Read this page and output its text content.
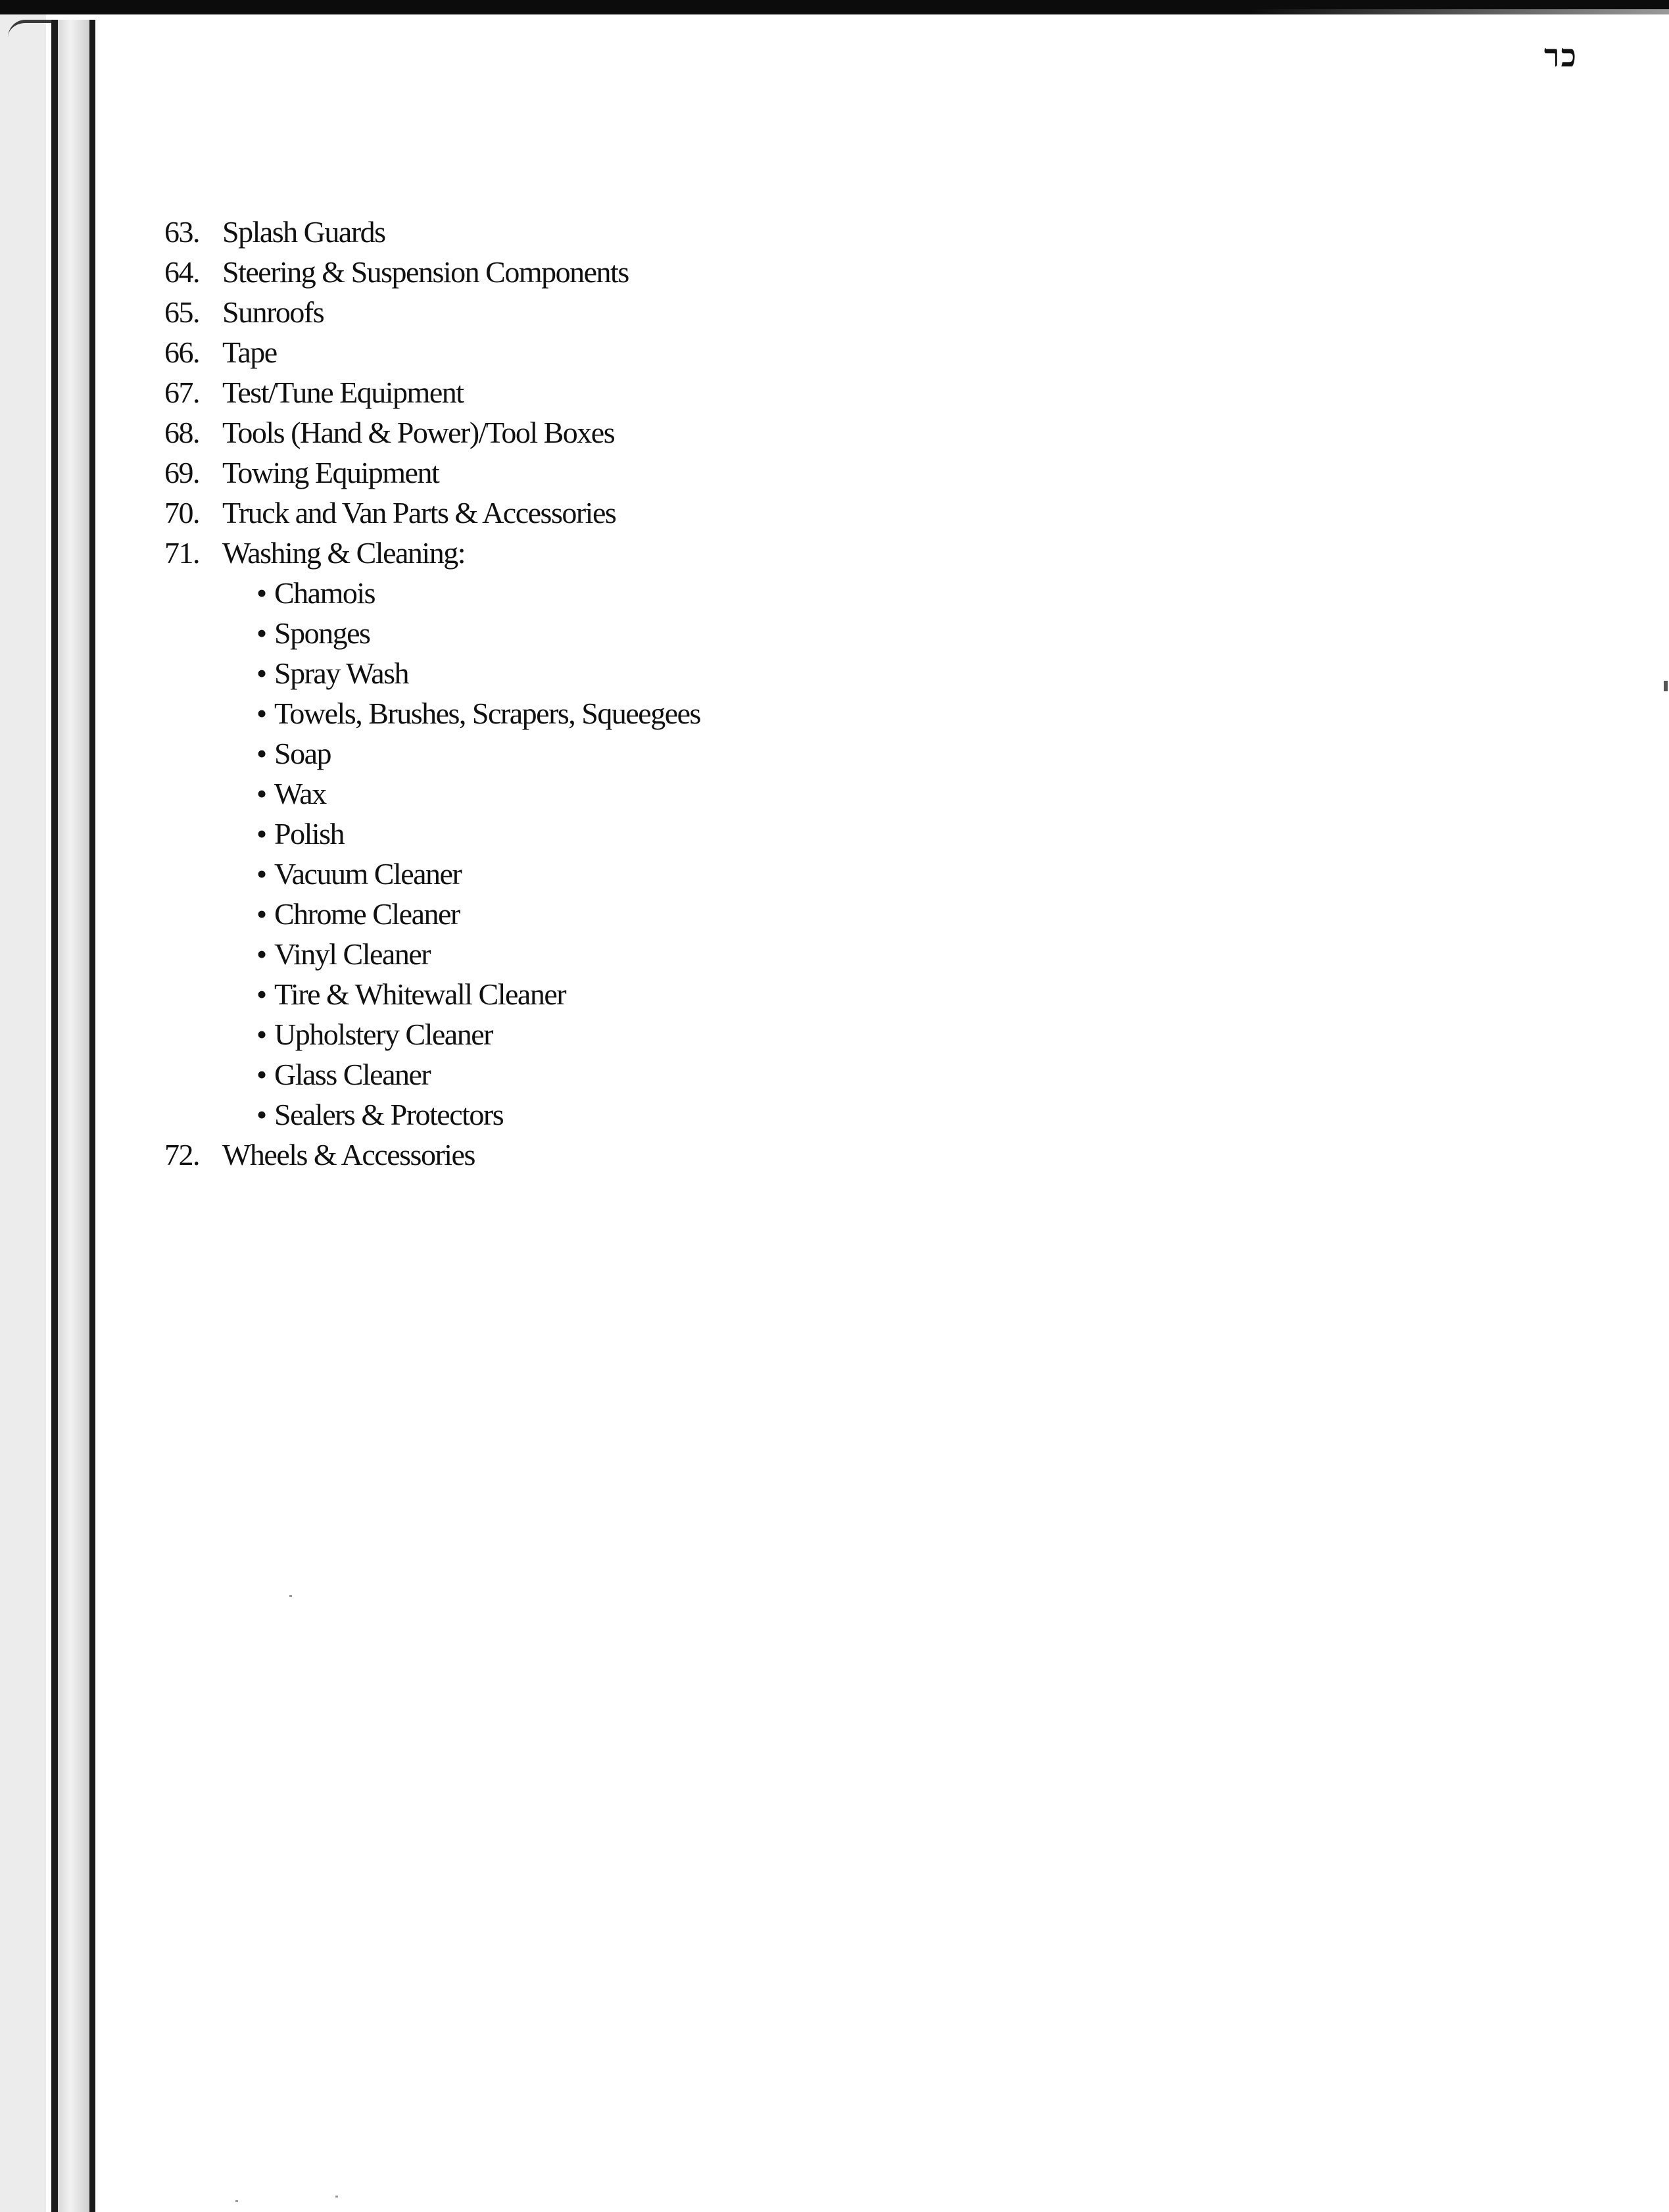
כר
63. Splash Guards
64. Steering & Suspension Components
65. Sunroofs
66. Tape
67. Test/Tune Equipment
68. Tools (Hand & Power)/Tool Boxes
69. Towing Equipment
70. Truck and Van Parts & Accessories
71. Washing & Cleaning:
• Chamois
• Sponges
• Spray Wash
• Towels, Brushes, Scrapers, Squeegees
• Soap
• Wax
• Polish
• Vacuum Cleaner
• Chrome Cleaner
• Vinyl Cleaner
• Tire & Whitewall Cleaner
• Upholstery Cleaner
• Glass Cleaner
• Sealers & Protectors
72. Wheels & Accessories
